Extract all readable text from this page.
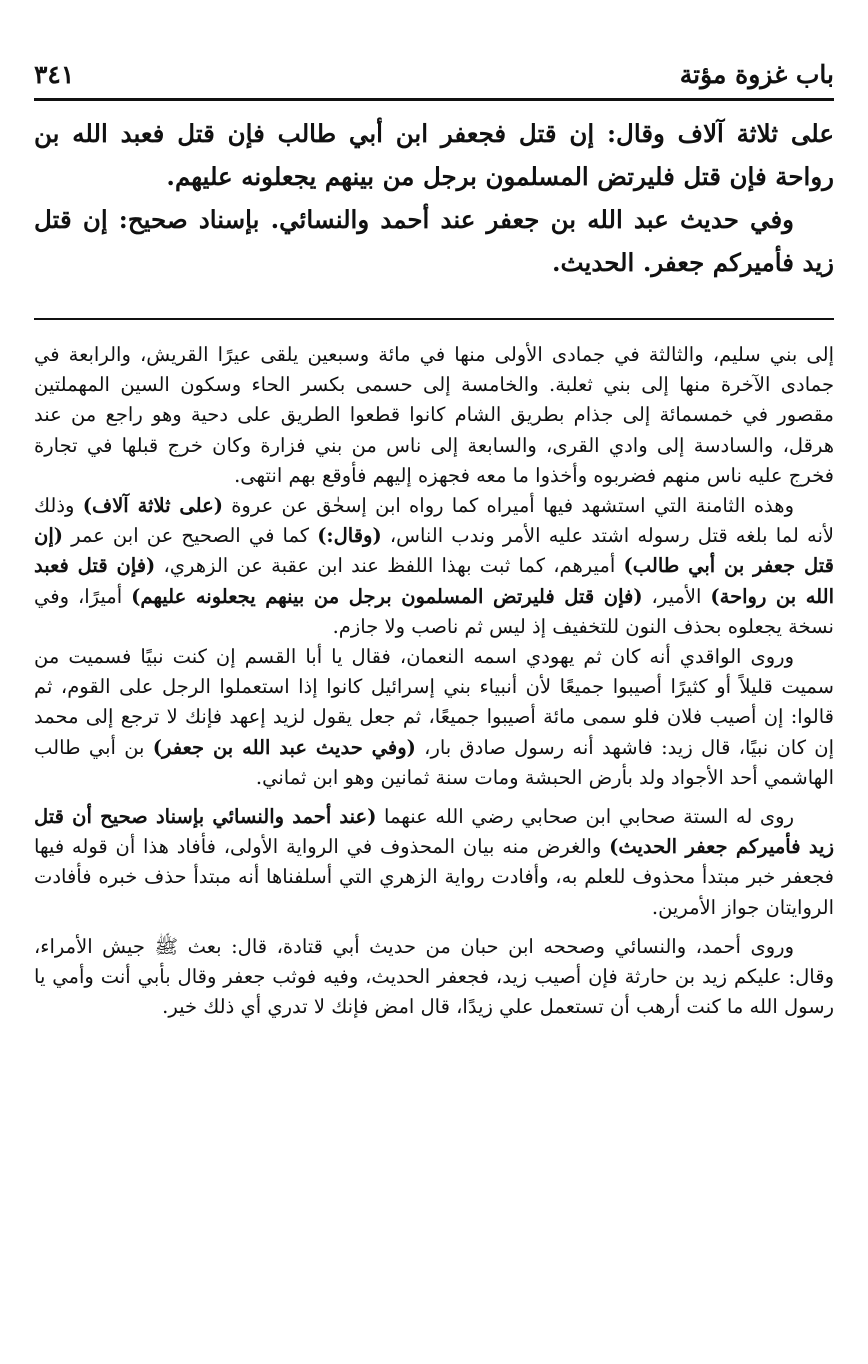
باب غزوة مؤتة
٣٤١

على ثلاثة آلاف وقال: إن قتل فجعفر ابن أبي طالب فإن قتل فعبد الله بن رواحة فإن قتل فليرتض المسلمون برجل من بينهم يجعلونه عليهم.

وفي حديث عبد الله بن جعفر عند أحمد والنسائي. بإسناد صحيح: إن قتل زيد فأميركم جعفر. الحديث.

إلى بني سليم، والثالثة في جمادى الأولى منها في مائة وسبعين يلقى عيرًا القريش، والرابعة في جمادى الآخرة منها إلى بني ثعلبة. والخامسة إلى حسمى بكسر الحاء وسكون السين المهملتين مقصور في خمسمائة إلى جذام بطريق الشام كانوا قطعوا الطريق على دحية وهو راجع من عند هرقل، والسادسة إلى وادي القرى، والسابعة إلى ناس من بني فزارة وكان خرج قبلها في تجارة فخرج عليه ناس منهم فضربوه وأخذوا ما معه فجهزه إليهم فأوقع بهم انتهى.

وهذه الثامنة التي استشهد فيها أميراه كما رواه ابن إسحٰق عن عروة (على ثلاثة آلاف) وذلك لأنه لما بلغه قتل رسوله اشتد عليه الأمر وندب الناس، (وقال:) كما في الصحيح عن ابن عمر (إن قتل جعفر بن أبي طالب) أميرهم، كما ثبت بهذا اللفظ عند ابن عقبة عن الزهري، (فإن قتل فعبد الله بن رواحة) الأمير، (فإن قتل فليرتض المسلمون برجل من بينهم يجعلونه عليهم) أميرًا، وفي نسخة يجعلوه بحذف النون للتخفيف إذ ليس ثم ناصب ولا جازم.

وروى الواقدي أنه كان ثم يهودي اسمه النعمان، فقال يا أبا القسم إن كنت نبيًا فسميت من سميت قليلاً أو كثيرًا أصيبوا جميعًا لأن أنبياء بني إسرائيل كانوا إذا استعملوا الرجل على القوم، ثم قالوا: إن أصيب فلان فلو سمى مائة أصيبوا جميعًا، ثم جعل يقول لزيد إعهد فإنك لا ترجع إلى محمد إن كان نبيًا، قال زيد: فاشهد أنه رسول صادق بار، (وفي حديث عبد الله بن جعفر) بن أبي طالب الهاشمي أحد الأجواد ولد بأرض الحبشة ومات سنة ثمانين وهو ابن ثماني.

روى له الستة صحابي ابن صحابي رضي الله عنهما (عند أحمد والنسائي بإسناد صحيح أن قتل زيد فأميركم جعفر الحديث) والغرض منه بيان المحذوف في الرواية الأولى، فأفاد هذا أن قوله فيها فجعفر خبر مبتدأ محذوف للعلم به، وأفادت رواية الزهري التي أسلفناها أنه مبتدأ حذف خبره فأفادت الروايتان جواز الأمرين.

وروى أحمد، والنسائي وصححه ابن حبان من حديث أبي قتادة، قال: بعث ﷺ جيش الأمراء، وقال: عليكم زيد بن حارثة فإن أصيب زيد، فجعفر الحديث، وفيه فوثب جعفر وقال بأبي أنت وأمي يا رسول الله ما كنت أرهب أن تستعمل علي زيدًا، قال امض فإنك لا تدري أي ذلك خير.
